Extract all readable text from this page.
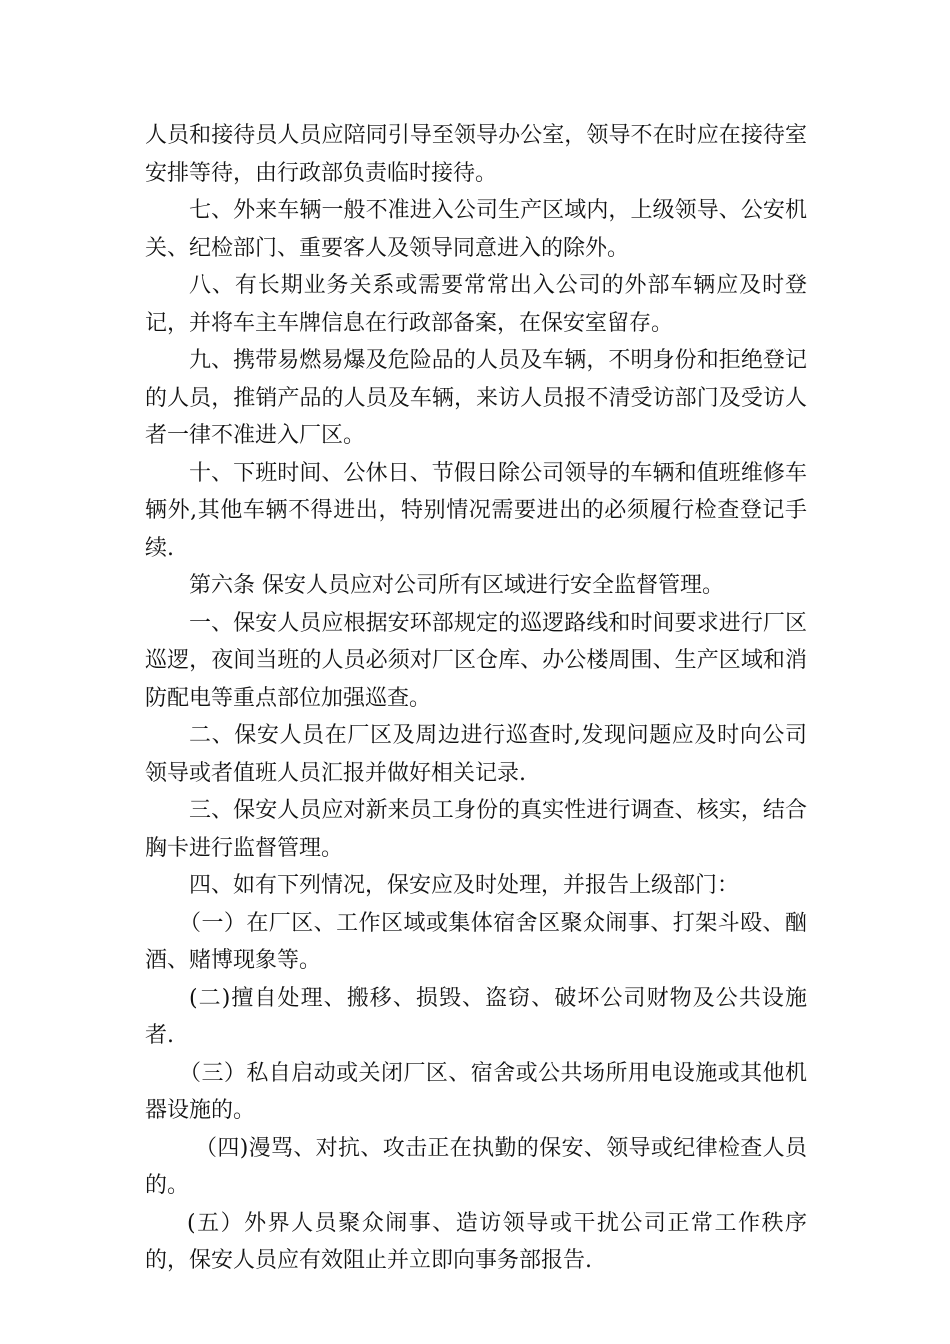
人员和接待员人员应陪同引导至领导办公室，领导不在时应在接待室安排等待，由行政部负责临时接待。

七、外来车辆一般不准进入公司生产区域内，上级领导、公安机关、纪检部门、重要客人及领导同意进入的除外。

八、有长期业务关系或需要常常出入公司的外部车辆应及时登记，并将车主车牌信息在行政部备案，在保安室留存。

九、携带易燃易爆及危险品的人员及车辆，不明身份和拒绝登记的人员，推销产品的人员及车辆，来访人员报不清受访部门及受访人者一律不准进入厂区。

十、下班时间、公休日、节假日除公司领导的车辆和值班维修车辆外,其他车辆不得进出，特别情况需要进出的必须履行检查登记手续.

第六条 保安人员应对公司所有区域进行安全监督管理。

一、保安人员应根据安环部规定的巡逻路线和时间要求进行厂区巡逻，夜间当班的人员必须对厂区仓库、办公楼周围、生产区域和消防配电等重点部位加强巡查。

二、保安人员在厂区及周边进行巡查时,发现问题应及时向公司领导或者值班人员汇报并做好相关记录.

三、保安人员应对新来员工身份的真实性进行调查、核实，结合胸卡进行监督管理。

四、如有下列情况，保安应及时处理，并报告上级部门：

（一）在厂区、工作区域或集体宿舍区聚众闹事、打架斗殴、酗酒、赌博现象等。

(二)擅自处理、搬移、损毁、盗窃、破坏公司财物及公共设施者.

（三）私自启动或关闭厂区、宿舍或公共场所用电设施或其他机器设施的。

（四)漫骂、对抗、攻击正在执勤的保安、领导或纪律检查人员的。

(五）外界人员聚众闹事、造访领导或干扰公司正常工作秩序的，保安人员应有效阻止并立即向事务部报告.
